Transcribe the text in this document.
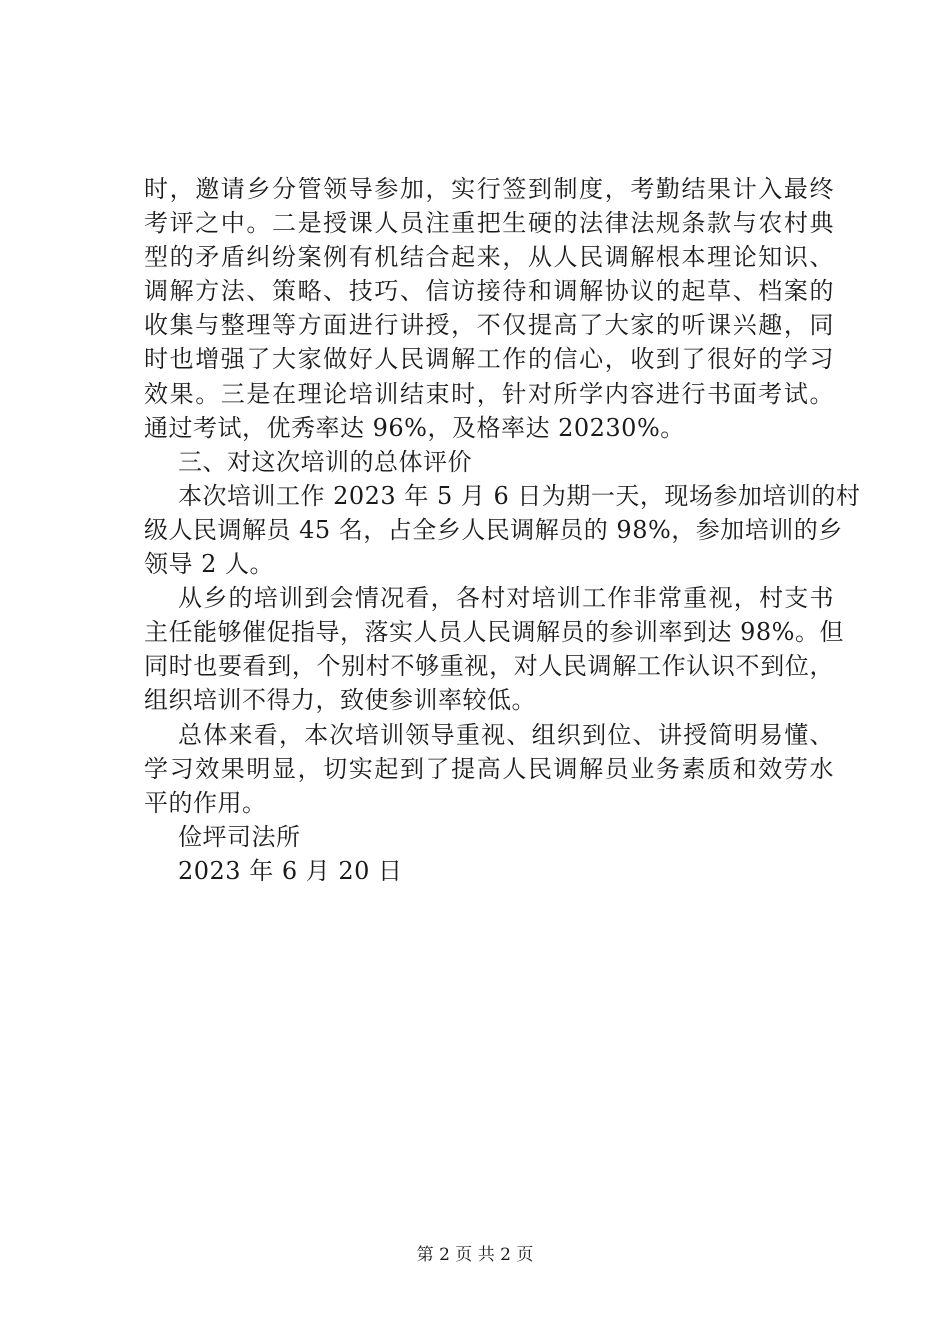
时，邀请乡分管领导参加，实行签到制度，考勤结果计入最终
考评之中。二是授课人员注重把生硬的法律法规条款与农村典
型的矛盾纠纷案例有机结合起来，从人民调解根本理论知识、
调解方法、策略、技巧、信访接待和调解协议的起草、档案的
收集与整理等方面进行讲授，不仅提高了大家的听课兴趣，同
时也增强了大家做好人民调解工作的信心，收到了很好的学习
效果。三是在理论培训结束时，针对所学内容进行书面考试。
通过考试，优秀率达 96%，及格率达 20230%。
三、对这次培训的总体评价
本次培训工作 2023 年 5 月 6 日为期一天，现场参加培训的村
级人民调解员 45 名，占全乡人民调解员的 98%，参加培训的乡
领导 2 人。
从乡的培训到会情况看，各村对培训工作非常重视，村支书
主任能够催促指导，落实人员人民调解员的参训率到达 98%。但
同时也要看到，个别村不够重视，对人民调解工作认识不到位，
组织培训不得力，致使参训率较低。
总体来看，本次培训领导重视、组织到位、讲授简明易懂、
学习效果明显，切实起到了提高人民调解员业务素质和效劳水
平的作用。
俭坪司法所
2023 年 6 月 20 日
第 2 页 共 2 页
